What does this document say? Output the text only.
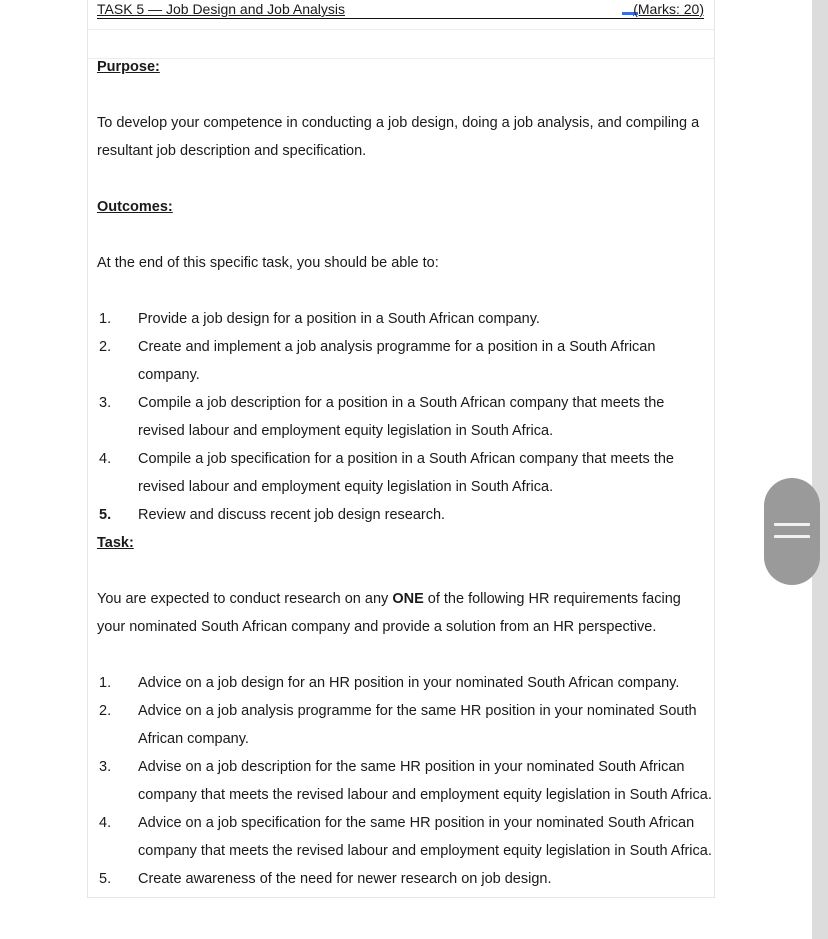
TASK 5 — Job Design and Job Analysis	(Marks: 20)
Purpose:
To develop your competence in conducting a job design, doing a job analysis, and compiling a resultant job description and specification.
Outcomes:
At the end of this specific task, you should be able to:
1. Provide a job design for a position in a South African company.
2. Create and implement a job analysis programme for a position in a South African company.
3. Compile a job description for a position in a South African company that meets the revised labour and employment equity legislation in South Africa.
4. Compile a job specification for a position in a South African company that meets the revised labour and employment equity legislation in South Africa.
5. Review and discuss recent job design research.
Task:
You are expected to conduct research on any ONE of the following HR requirements facing your nominated South African company and provide a solution from an HR perspective.
1. Advice on a job design for an HR position in your nominated South African company.
2. Advice on a job analysis programme for the same HR position in your nominated South African company.
3. Advise on a job description for the same HR position in your nominated South African company that meets the revised labour and employment equity legislation in South Africa.
4. Advice on a job specification for the same HR position in your nominated South African company that meets the revised labour and employment equity legislation in South Africa.
5. Create awareness of the need for newer research on job design.
